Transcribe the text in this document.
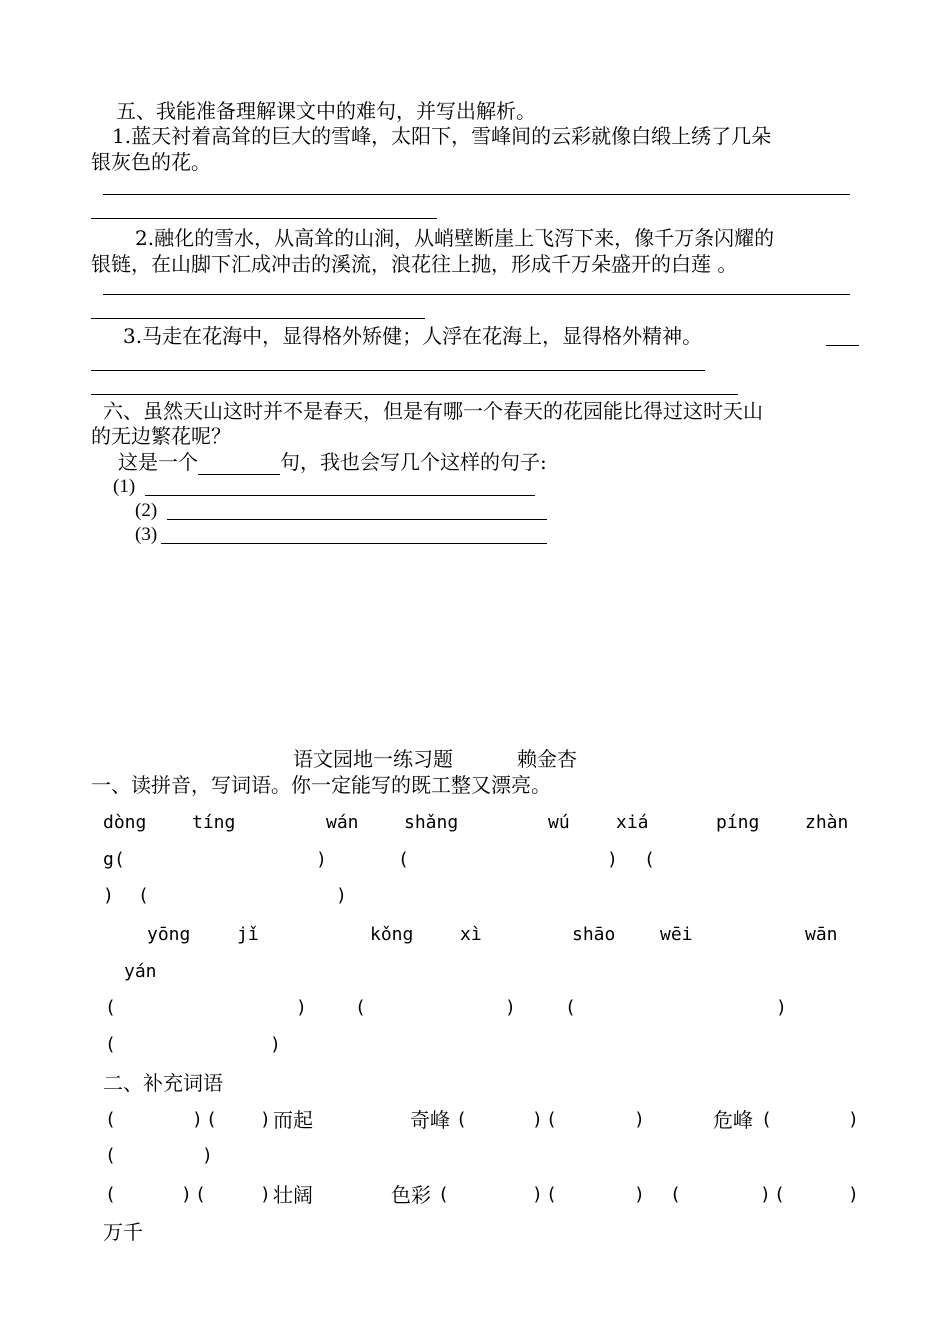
五、我能准备理解课文中的难句，并写出解析。
1.蓝天衬着高耸的巨大的雪峰，太阳下，雪峰间的云彩就像白缎上绣了几朵
银灰色的花。
2.融化的雪水，从高耸的山涧，从峭壁断崖上飞泻下来，像千万条闪耀的
银链，在山脚下汇成冲击的溪流，浪花往上抛，形成千万朵盛开的白莲 。
3.马走在花海中，显得格外矫健；人浮在花海上，显得格外精神。
六、虽然天山这时并不是春天，但是有哪一个春天的花园能比得过这时天山
的无边繁花呢？
这是一个	句，我也会写几个这样的句子:
(1)
(2)
(3)
语文园地一练习题	赖金杏
一、读拼音，写词语。你一定能写的既工整又漂亮。
dòng	tíng	wán	shǎng	wú	xiá	píng	zhàn
g (	)	(	) (
) (	)
yōng	jǐ	kǒng	xì	shāo wēi	wān
yán
(	)	(	)	(	)
(	)
二、补充词语
(	) ( ) 而起	奇峰 (	) (	)	危峰 (	)
(	)
(	) (	) 壮阔	色彩 (	) (	) (	) (	)
万千
